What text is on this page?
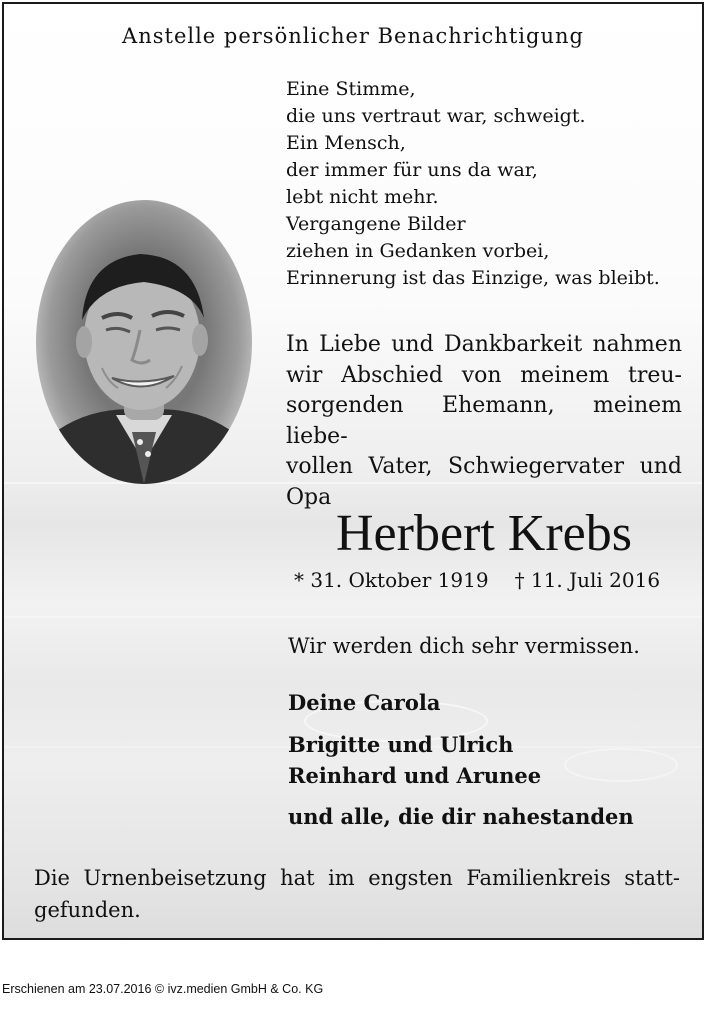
Anstelle persönlicher Benachrichtigung
Eine Stimme,
die uns vertraut war, schweigt.
Ein Mensch,
der immer für uns da war,
lebt nicht mehr.
Vergangene Bilder
ziehen in Gedanken vorbei,
Erinnerung ist das Einzige, was bleibt.
In Liebe und Dankbarkeit nahmen
wir Abschied von meinem treu-
sorgenden Ehemann, meinem liebe-
vollen Vater, Schwiegervater und
Opa
Herbert Krebs
* 31. Oktober 1919 † 11. Juli 2016
Wir werden dich sehr vermissen.
Deine Carola
Brigitte und Ulrich
Reinhard und Arunee
und alle, die dir nahestanden
Die Urnenbeisetzung hat im engsten Familienkreis statt-
gefunden.
Erschienen am 23.07.2016 © ivz.medien GmbH & Co. KG
